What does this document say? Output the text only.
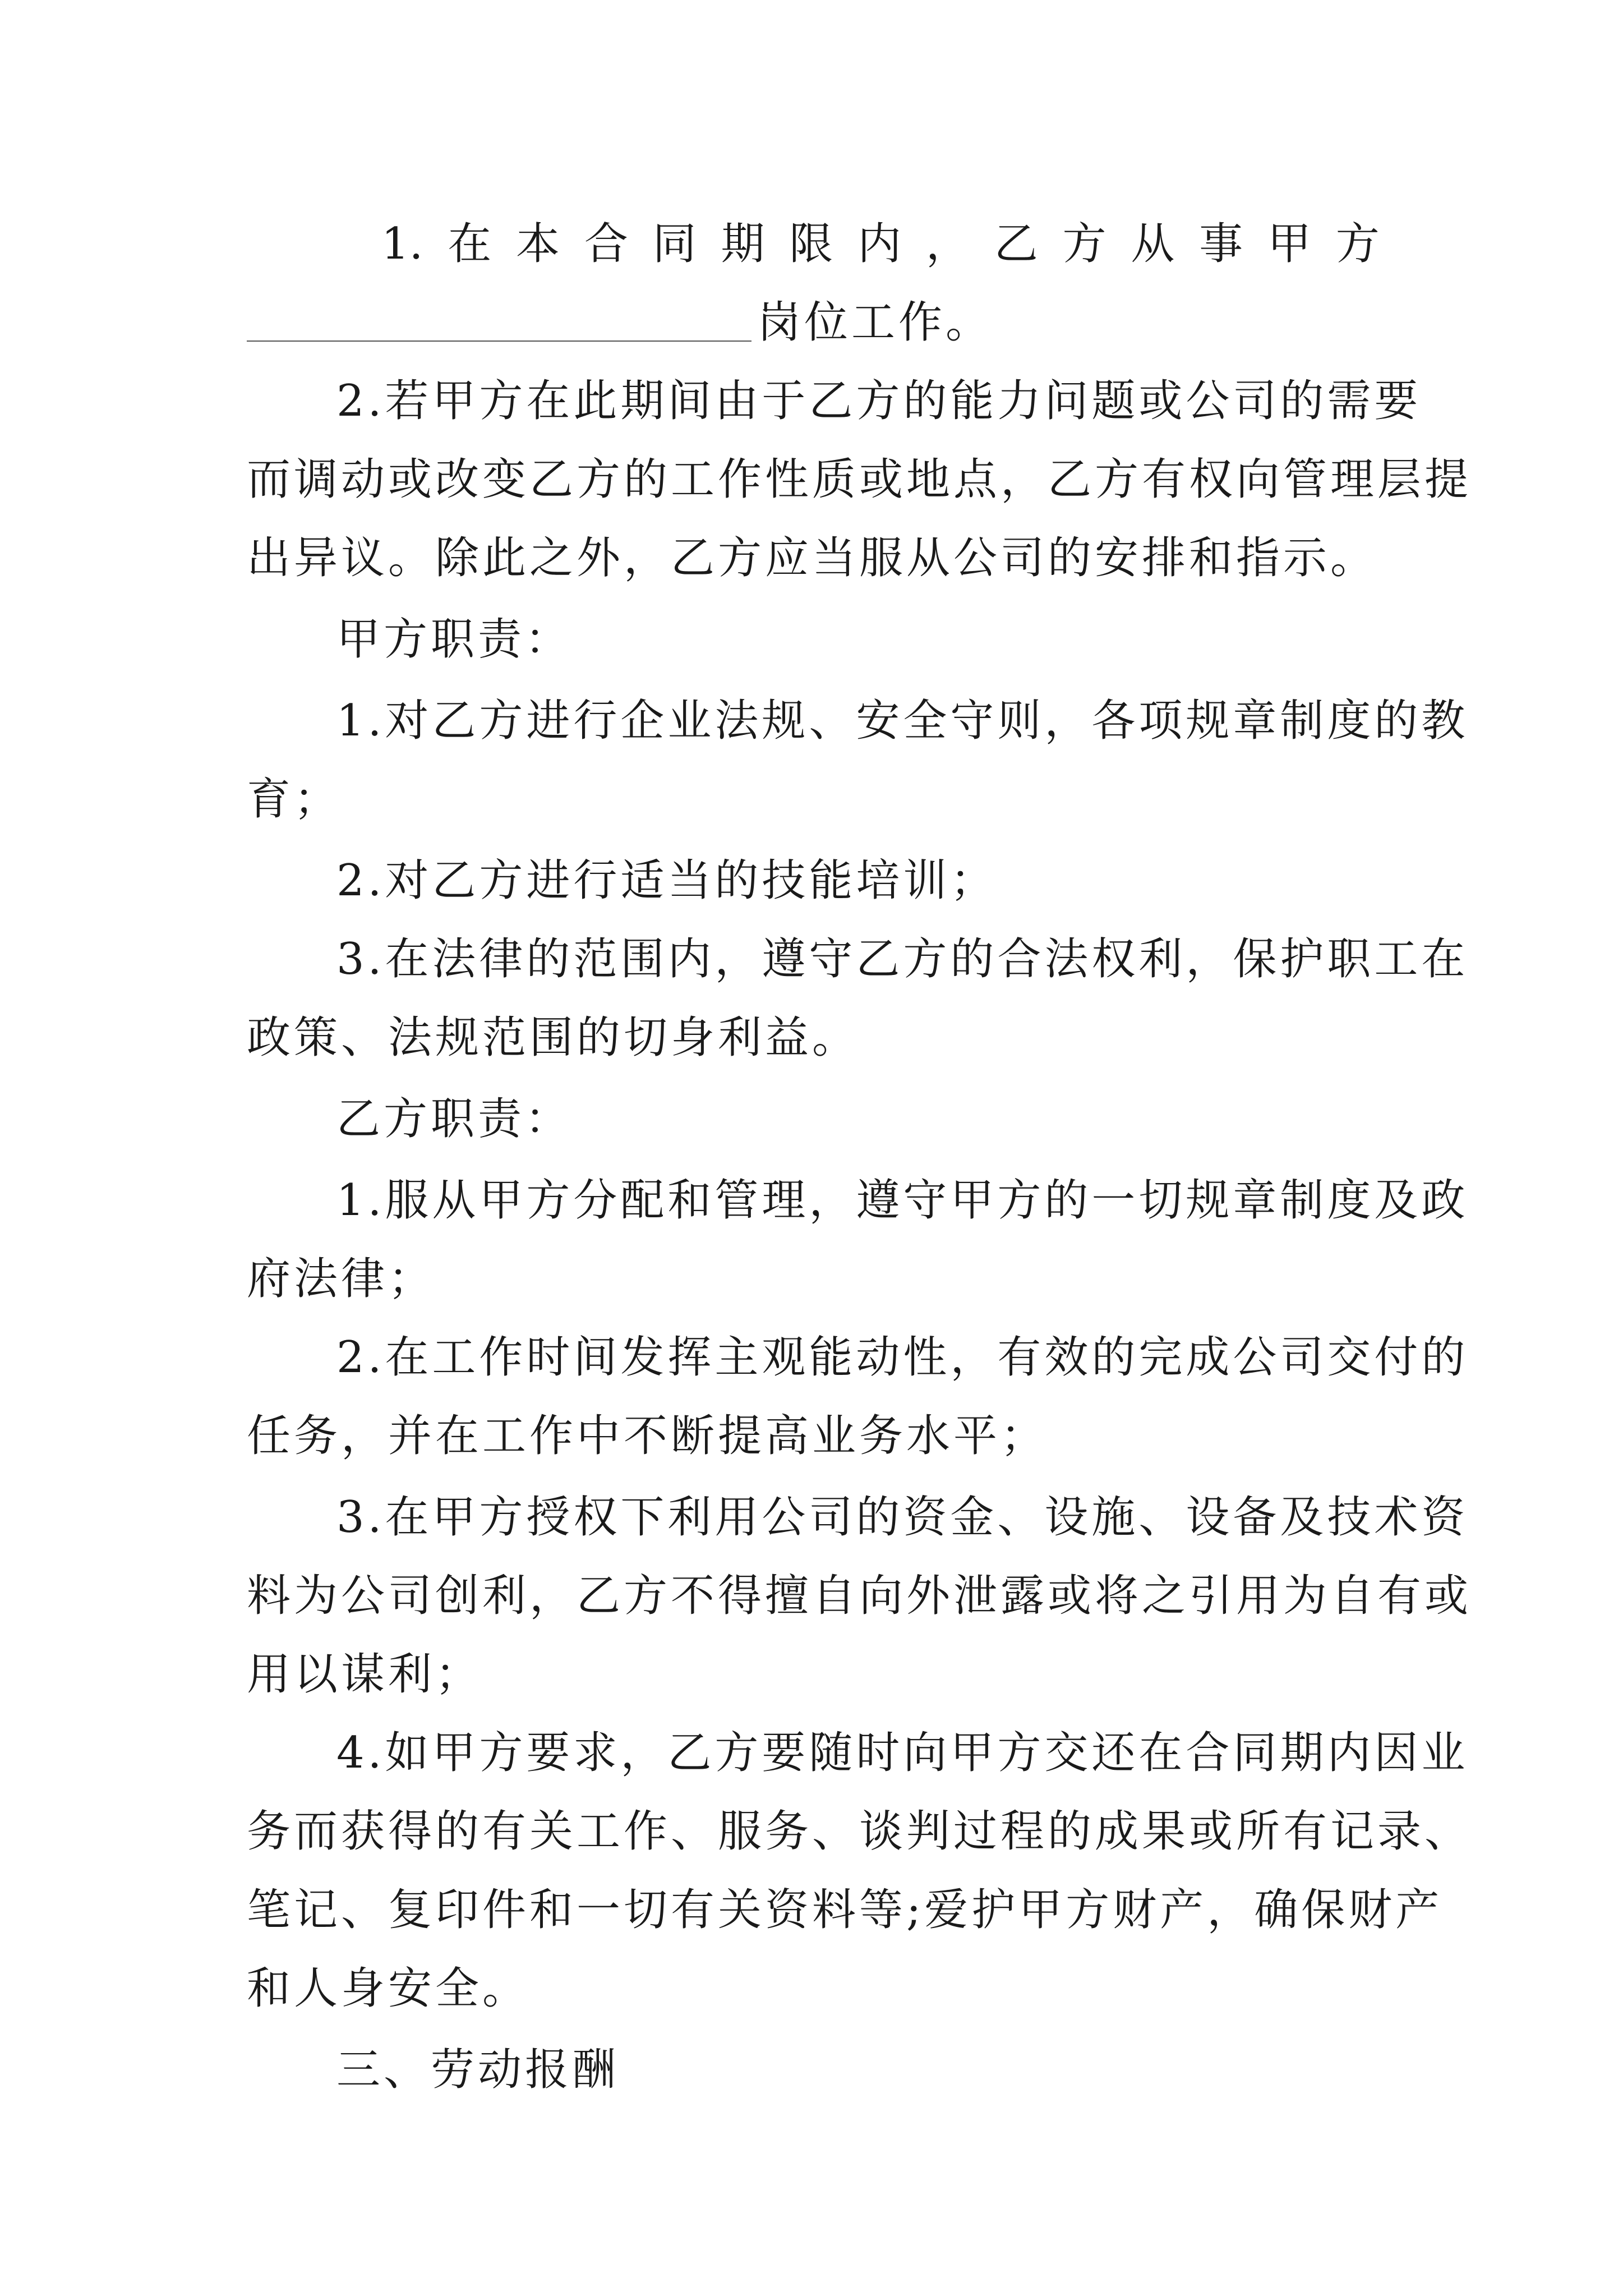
1. 在 本 合 同 期 限 内 ， 乙 方 从 事 甲 方
岗位工作。
2.若甲方在此期间由于乙方的能力问题或公司的需要
而调动或改变乙方的工作性质或地点，乙方有权向管理层提
出异议。除此之外，乙方应当服从公司的安排和指示。
甲方职责：
1.对乙方进行企业法规、安全守则，各项规章制度的教
育；
2.对乙方进行适当的技能培训；
3.在法律的范围内，遵守乙方的合法权利，保护职工在
政策、法规范围的切身利益。
乙方职责：
1.服从甲方分配和管理，遵守甲方的一切规章制度及政
府法律；
2.在工作时间发挥主观能动性，有效的完成公司交付的
任务，并在工作中不断提高业务水平；
3.在甲方授权下利用公司的资金、设施、设备及技术资
料为公司创利，乙方不得擅自向外泄露或将之引用为自有或
用以谋利；
4.如甲方要求，乙方要随时向甲方交还在合同期内因业
务而获得的有关工作、服务、谈判过程的成果或所有记录、
笔记、复印件和一切有关资料等;爱护甲方财产，确保财产
和人身安全。
三、劳动报酬
